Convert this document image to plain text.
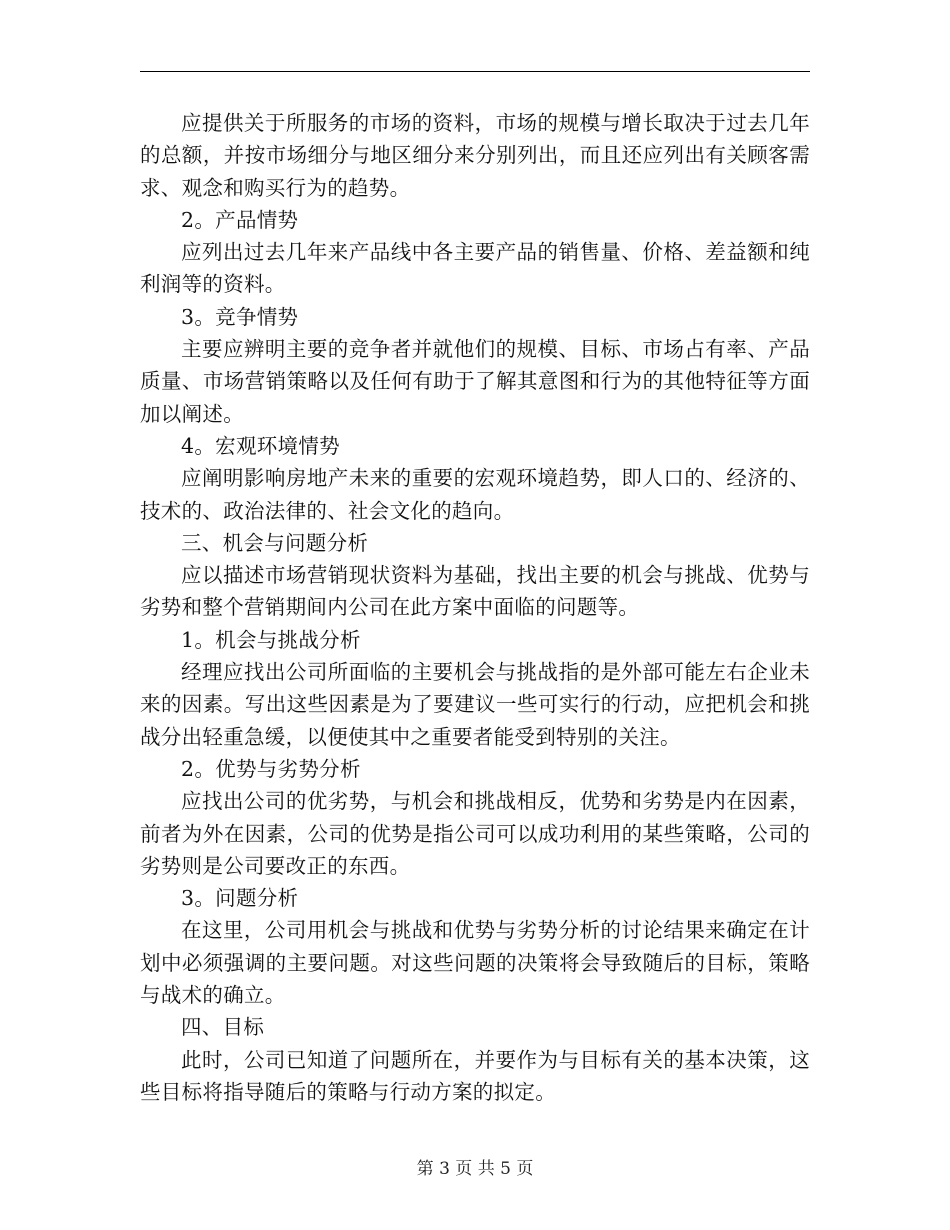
应提供关于所服务的市场的资料，市场的规模与增长取决于过去几年的总额，并按市场细分与地区细分来分别列出，而且还应列出有关顾客需求、观念和购买行为的趋势。

2。产品情势

应列出过去几年来产品线中各主要产品的销售量、价格、差益额和纯利润等的资料。

3。竞争情势

主要应辨明主要的竞争者并就他们的规模、目标、市场占有率、产品质量、市场营销策略以及任何有助于了解其意图和行为的其他特征等方面加以阐述。

4。宏观环境情势

应阐明影响房地产未来的重要的宏观环境趋势，即人口的、经济的、技术的、政治法律的、社会文化的趋向。

三、机会与问题分析

应以描述市场营销现状资料为基础，找出主要的机会与挑战、优势与劣势和整个营销期间内公司在此方案中面临的问题等。

1。机会与挑战分析

经理应找出公司所面临的主要机会与挑战指的是外部可能左右企业未来的因素。写出这些因素是为了要建议一些可实行的行动，应把机会和挑战分出轻重急缓，以便使其中之重要者能受到特别的关注。

2。优势与劣势分析

应找出公司的优劣势，与机会和挑战相反，优势和劣势是内在因素，前者为外在因素，公司的优势是指公司可以成功利用的某些策略，公司的劣势则是公司要改正的东西。

3。问题分析

在这里，公司用机会与挑战和优势与劣势分析的讨论结果来确定在计划中必须强调的主要问题。对这些问题的决策将会导致随后的目标，策略与战术的确立。

四、目标

此时，公司已知道了问题所在，并要作为与目标有关的基本决策，这些目标将指导随后的策略与行动方案的拟定。

第 3 页 共 5 页
